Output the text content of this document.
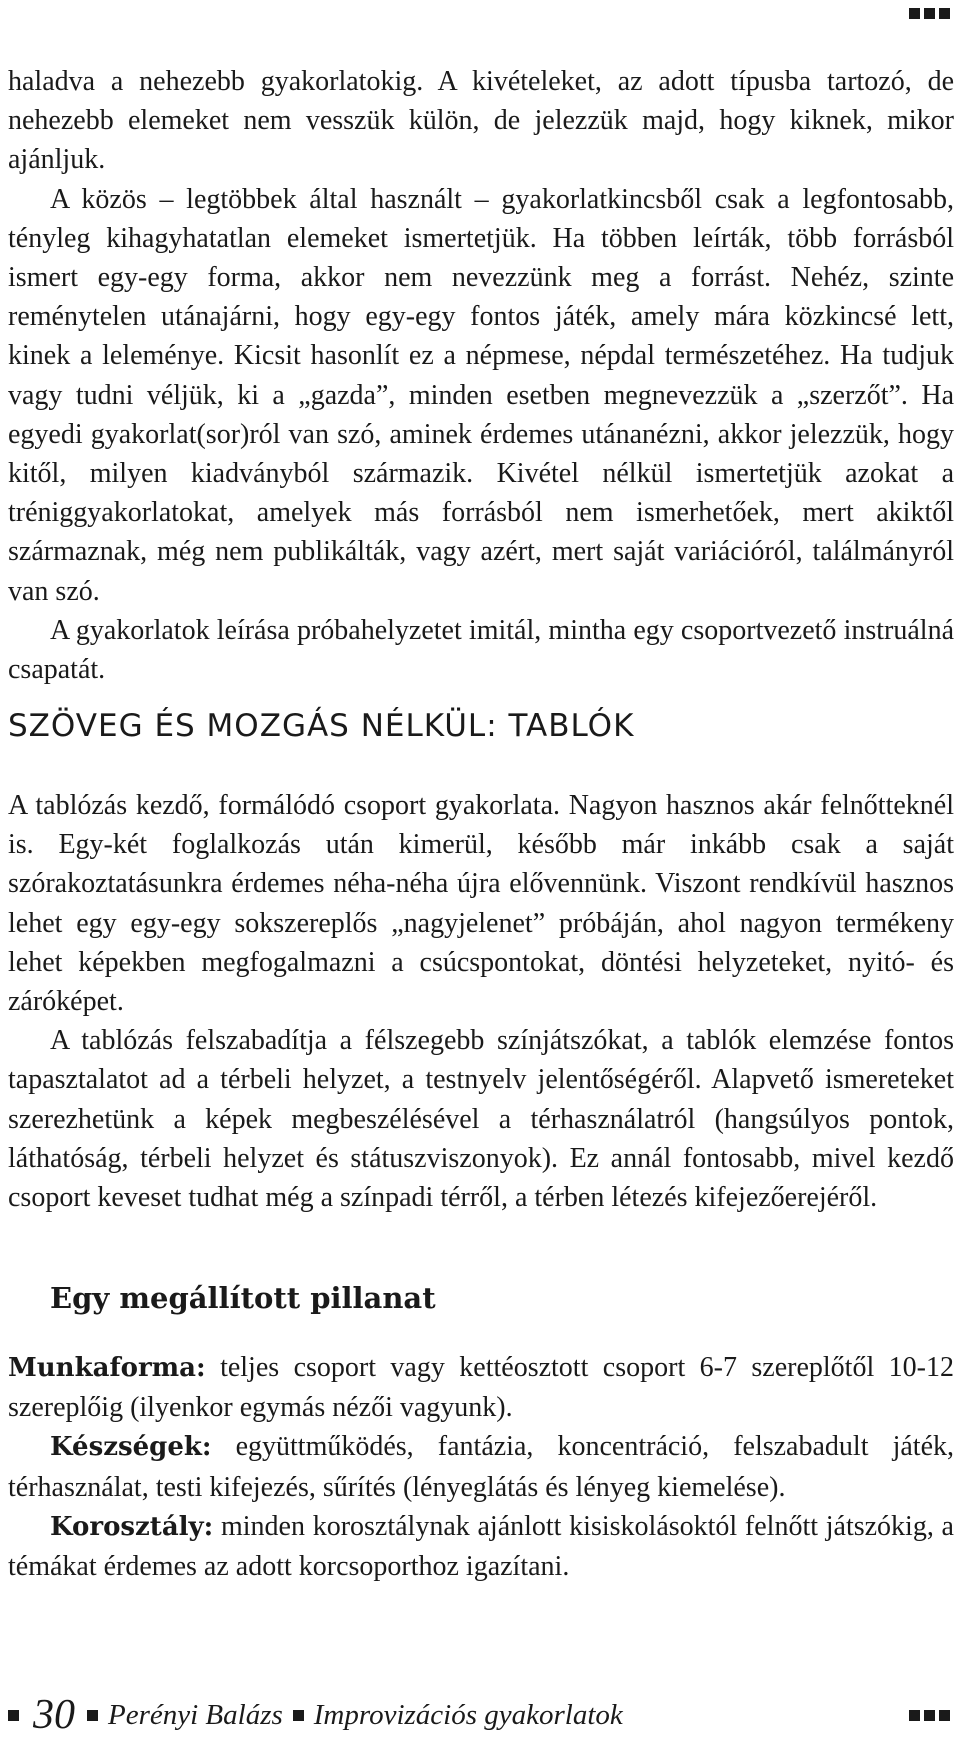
haladva a nehezebb gyakorlatokig. A kivételeket, az adott típusba tartozó, de nehezebb elemeket nem vesszük külön, de jelezzük majd, hogy kiknek, mikor ajánljuk.

A közös – legtöbbek által használt – gyakorlatkincsből csak a legfontosabb, tényleg kihagyhatatlan elemeket ismertetjük. Ha többen leírták, több forrásból ismert egy-egy forma, akkor nem nevezzünk meg a forrást. Nehéz, szinte reménytelen utánajárni, hogy egy-egy fontos játék, amely mára közkincsé lett, kinek a leleménye. Kicsit hasonlít ez a népmese, népdal természetéhez. Ha tudjuk vagy tudni véljük, ki a „gazda”, minden esetben megnevezzük a „szerzőt”. Ha egyedi gyakorlat(sor)ról van szó, aminek érdemes utánanézni, akkor jelezzük, hogy kitől, milyen kiadványból származik. Kivétel nélkül ismertetjük azokat a tréniggyakorlatokat, amelyek más forrásból nem ismerhetőek, mert akiktől származnak, még nem publikálták, vagy azért, mert saját variációról, találmányról van szó.

A gyakorlatok leírása próbahelyzetet imitál, mintha egy csoportvezető instruálná csapatát.

SZÖVEG ÉS MOZGÁS NÉLKÜL: TABLÓK

A tablózás kezdő, formálódó csoport gyakorlata. Nagyon hasznos akár felnőtteknél is. Egy-két foglalkozás után kimerül, később már inkább csak a saját szórakoztatásunkra érdemes néha-néha újra elővennünk. Viszont rendkívül hasznos lehet egy egy-egy sokszereplős „nagyjelenet” próbáján, ahol nagyon termékeny lehet képekben megfogalmazni a csúcspontokat, döntési helyzeteket, nyitó- és záróképet.

A tablózás felszabadítja a félszegebb színjátszókat, a tablók elemzése fontos tapasztalatot ad a térbeli helyzet, a testnyelv jelentőségéről. Alapvető ismereteket szerezhetünk a képek megbeszélésével a térhasználatról (hangsúlyos pontok, láthatóság, térbeli helyzet és státuszviszonyok). Ez annál fontosabb, mivel kezdő csoport keveset tudhat még a színpadi térről, a térben létezés kifejezőerejéről.

Egy megállított pillanat

Munkaforma: teljes csoport vagy kettéosztott csoport 6-7 szereplőtől 10-12 szereplőig (ilyenkor egymás nézői vagyunk).

Készségek: együttműködés, fantázia, koncentráció, felszabadult játék, térhasználat, testi kifejezés, sűrítés (lényeglátás és lényeg kiemelése).

Korosztály: minden korosztálynak ajánlott kisiskolásoktól felnőtt játszókig, a témákat érdemes az adott korcsoporthoz igazítani.

30 Perényi Balázs Improvizációs gyakorlatok
